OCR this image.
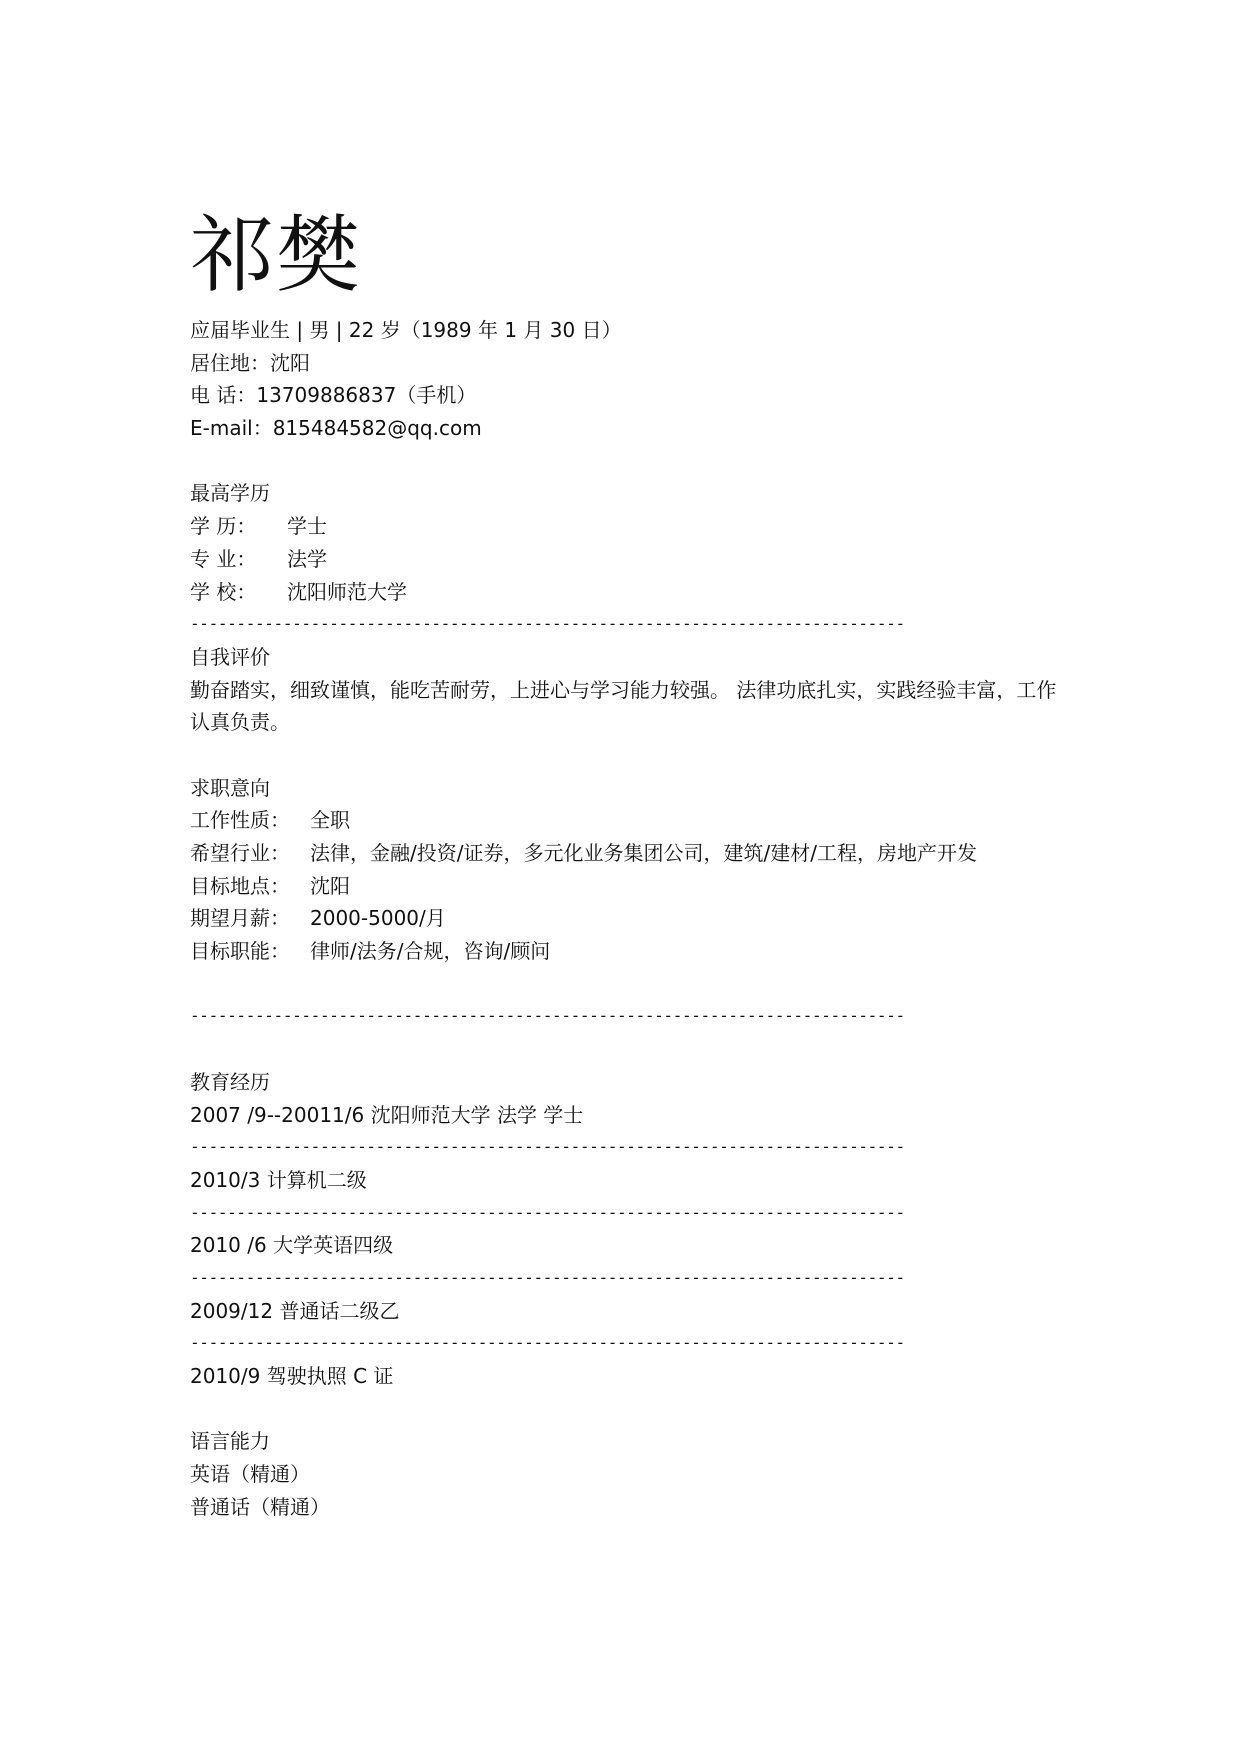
祁樊
应届毕业生 | 男 | 22 岁（1989 年 1 月 30 日）
居住地：沈阳
电 话：13709886837（手机）
E-mail：815484582@qq.com
最高学历
学 历： 学士
专 业： 法学
学 校： 沈阳师范大学
-----------------------------------------------------------------------------
自我评价
勤奋踏实，细致谨慎，能吃苦耐劳，上进心与学习能力较强。 法律功底扎实，实践经验丰富，工作认真负责。
求职意向
工作性质： 全职
希望行业： 法律，金融/投资/证券，多元化业务集团公司，建筑/建材/工程，房地产开发
目标地点： 沈阳
期望月薪： 2000-5000/月
目标职能： 律师/法务/合规，咨询/顾问
-----------------------------------------------------------------------------
教育经历
2007 /9--20011/6 沈阳师范大学 法学 学士
-----------------------------------------------------------------------------
2010/3 计算机二级
-----------------------------------------------------------------------------
2010 /6 大学英语四级
-----------------------------------------------------------------------------
2009/12 普通话二级乙
-----------------------------------------------------------------------------
2010/9 驾驶执照 C 证
语言能力
英语（精通）
普通话（精通）
